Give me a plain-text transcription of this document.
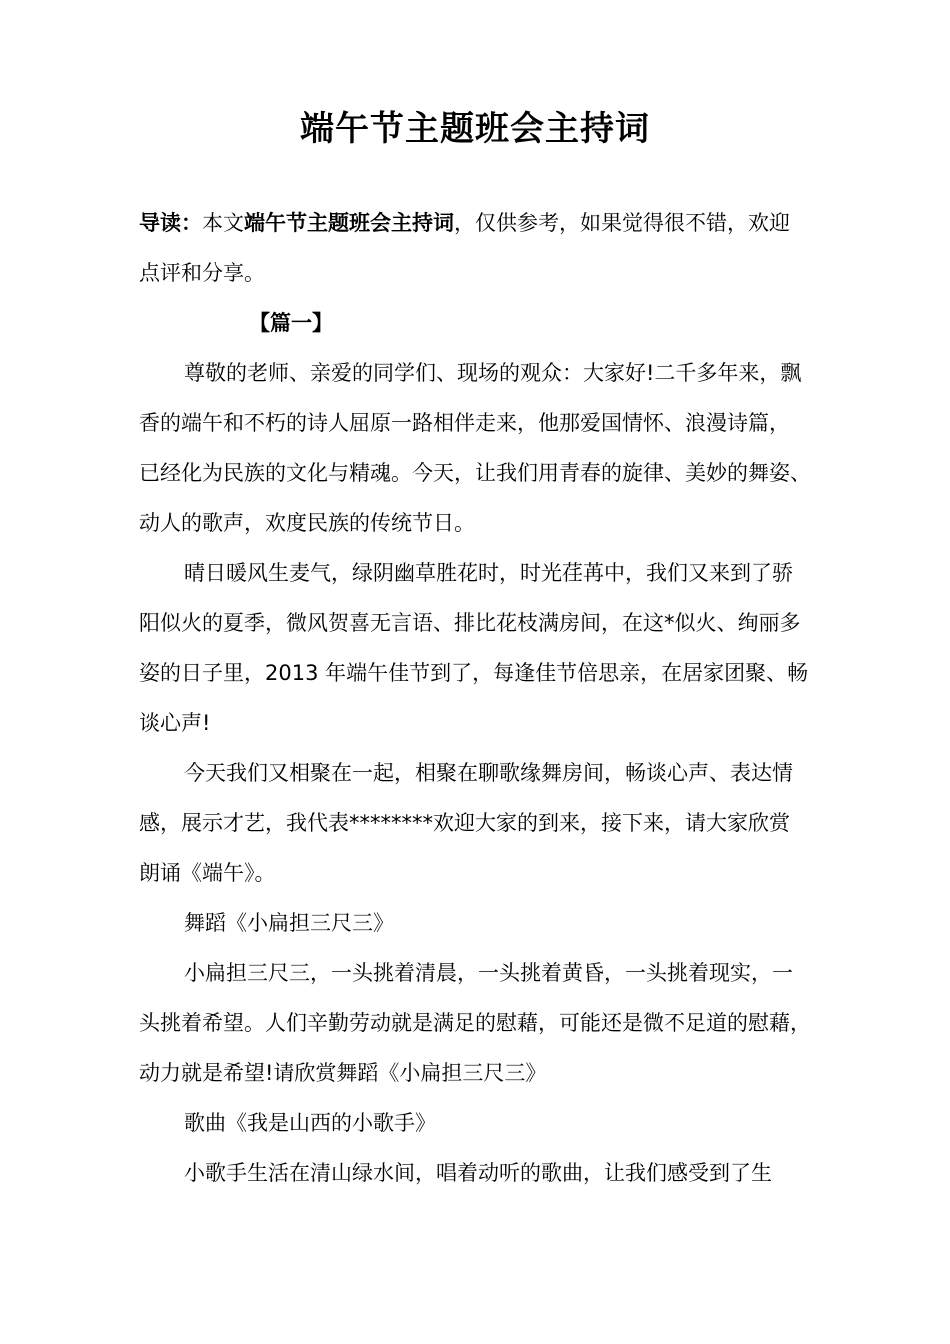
端午节主题班会主持词

导读：本文端午节主题班会主持词，仅供参考，如果觉得很不错，欢迎

点评和分享。

【篇一】

尊敬的老师、亲爱的同学们、现场的观众：大家好!二千多年来，飘

香的端午和不朽的诗人屈原一路相伴走来，他那爱国情怀、浪漫诗篇，

已经化为民族的文化与精魂。今天，让我们用青春的旋律、美妙的舞姿、

动人的歌声，欢度民族的传统节日。

晴日暖风生麦气，绿阴幽草胜花时，时光荏苒中，我们又来到了骄

阳似火的夏季，微风贺喜无言语、排比花枝满房间，在这*似火、绚丽多

姿的日子里，2013 年端午佳节到了，每逢佳节倍思亲，在居家团聚、畅

谈心声!

今天我们又相聚在一起，相聚在聊歌缘舞房间，畅谈心声、表达情

感，展示才艺，我代表********欢迎大家的到来，接下来，请大家欣赏

朗诵《端午》。

舞蹈《小扁担三尺三》

小扁担三尺三，一头挑着清晨，一头挑着黄昏，一头挑着现实，一

头挑着希望。人们辛勤劳动就是满足的慰藉，可能还是微不足道的慰藉，

动力就是希望!请欣赏舞蹈《小扁担三尺三》

歌曲《我是山西的小歌手》

小歌手生活在清山绿水间，唱着动听的歌曲，让我们感受到了生
